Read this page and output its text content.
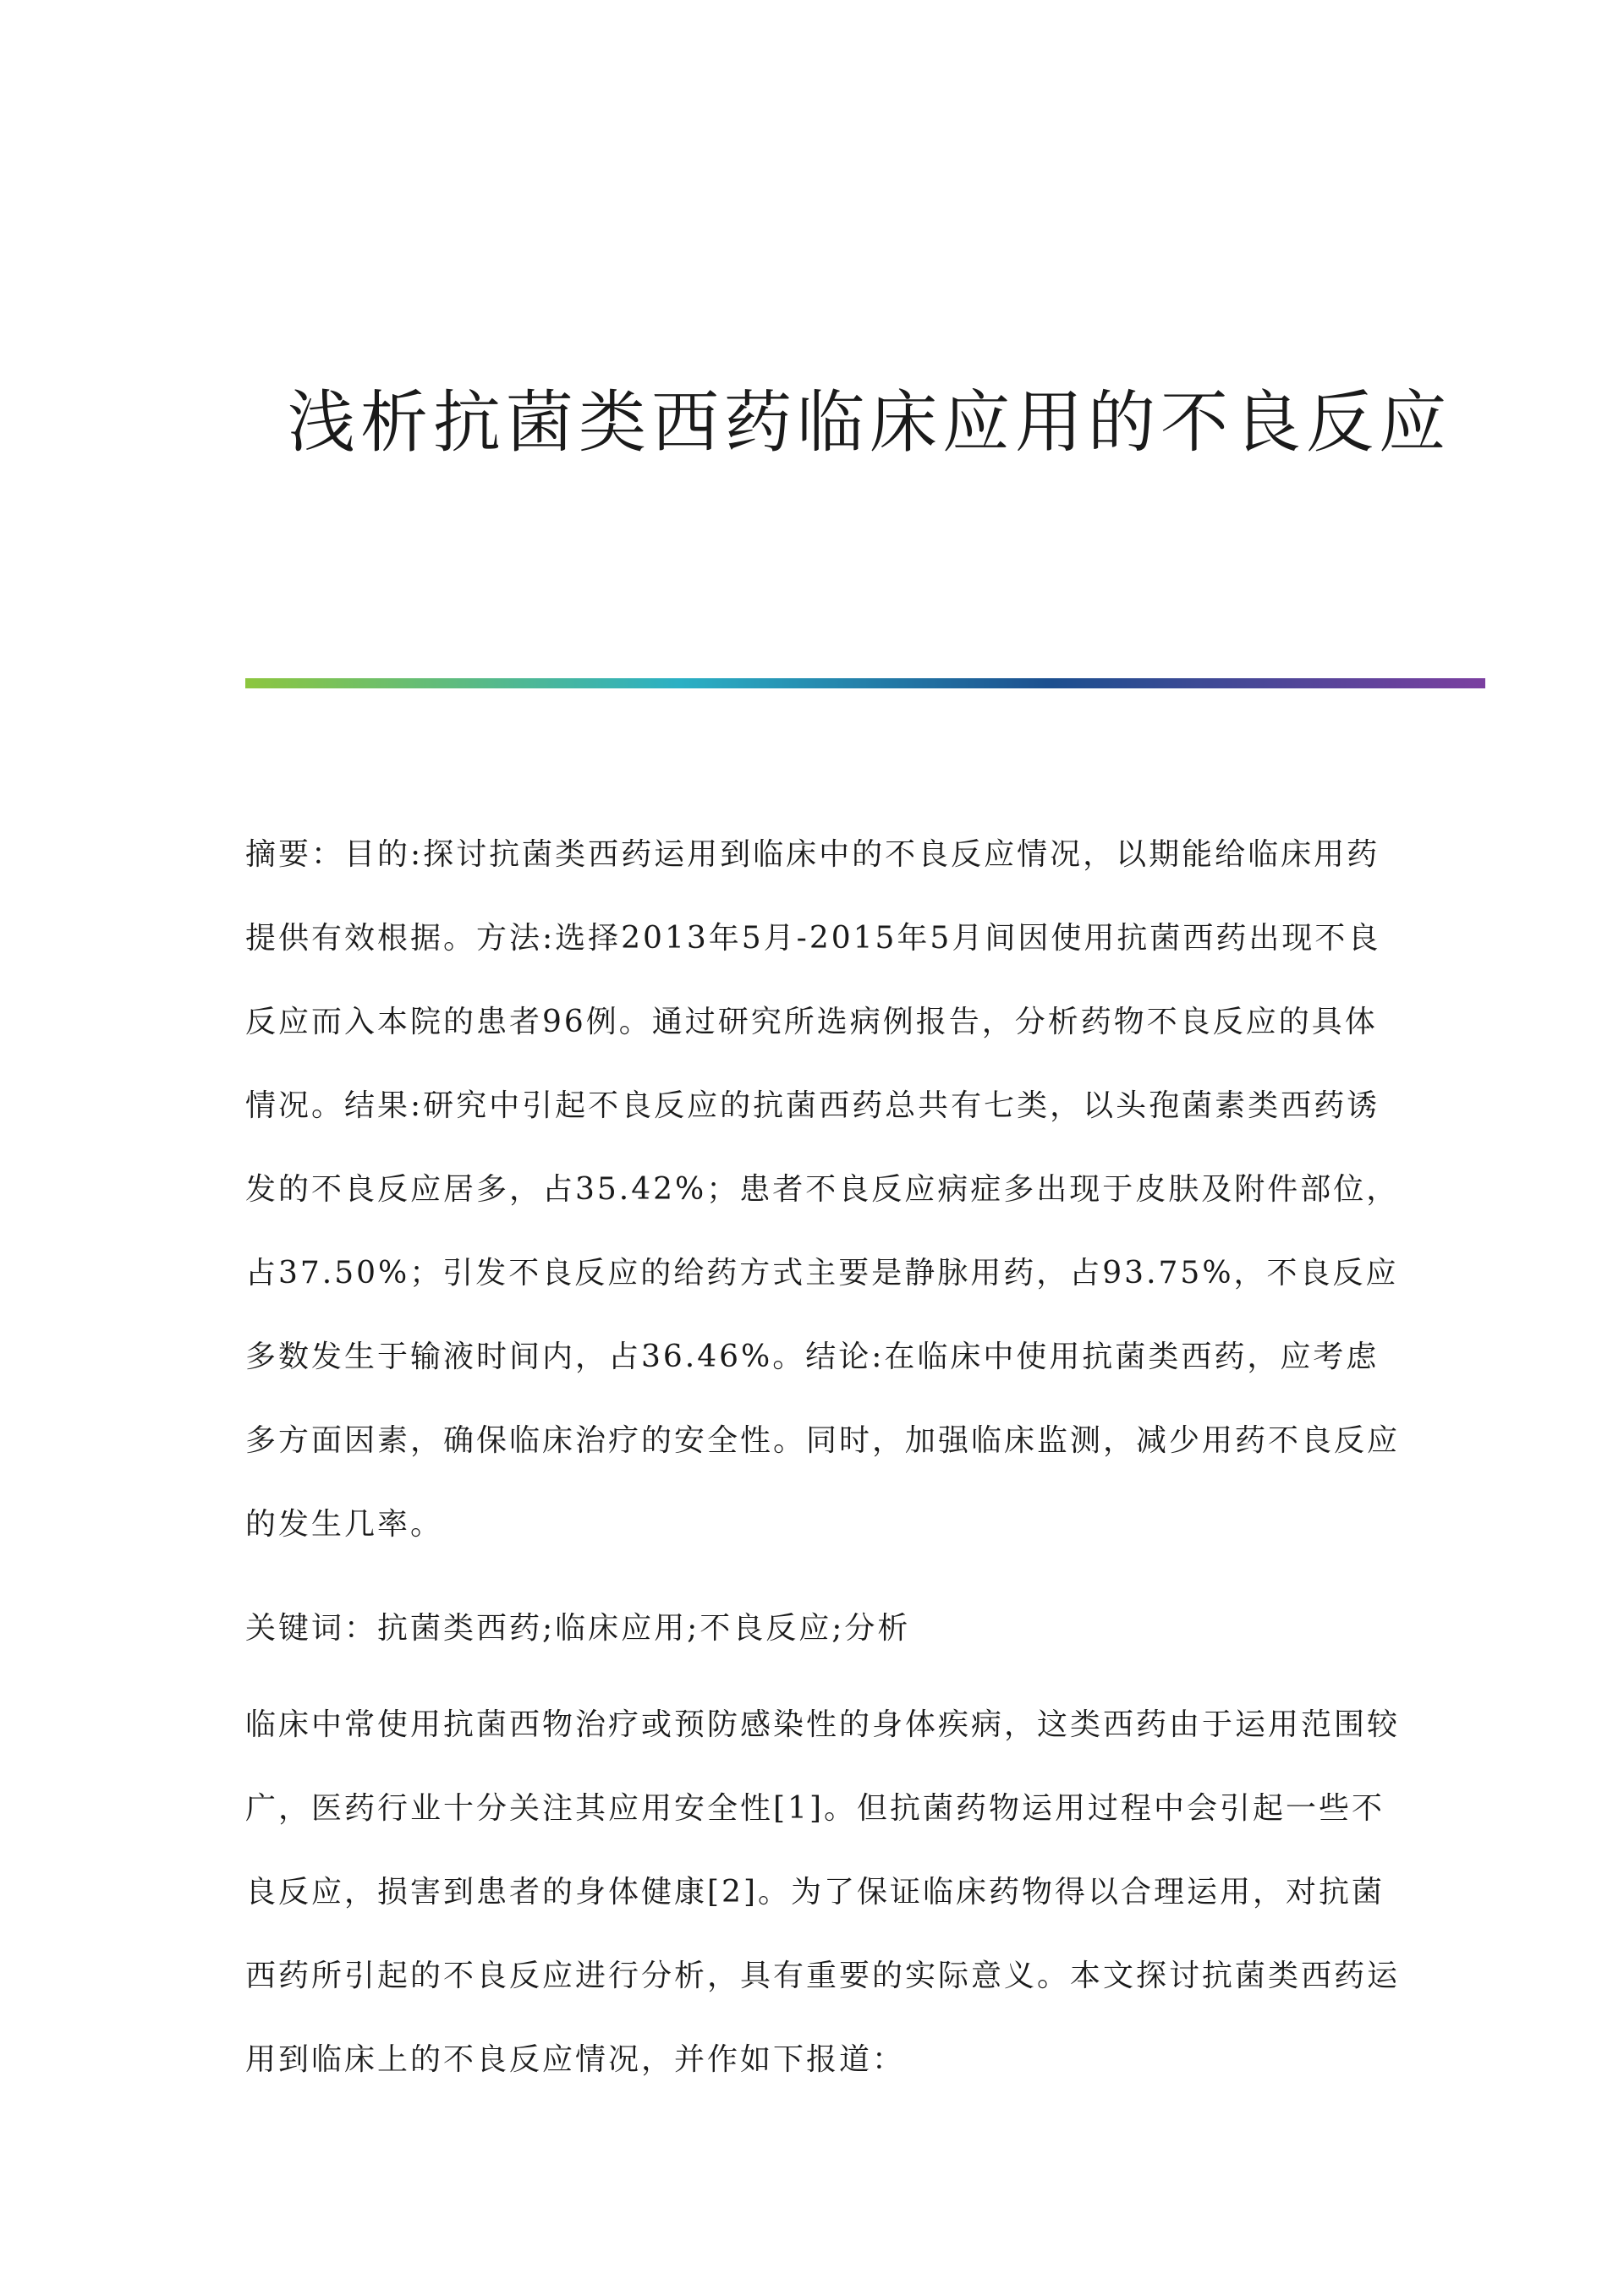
浅析抗菌类西药临床应用的不良反应

摘要：目的:探讨抗菌类西药运用到临床中的不良反应情况，以期能给临床用药提供有效根据。方法:选择2013年5月-2015年5月间因使用抗菌西药出现不良反应而入本院的患者96例。通过研究所选病例报告，分析药物不良反应的具体情况。结果:研究中引起不良反应的抗菌西药总共有七类，以头孢菌素类西药诱发的不良反应居多，占35.42%；患者不良反应病症多出现于皮肤及附件部位，占37.50%；引发不良反应的给药方式主要是静脉用药，占93.75%，不良反应多数发生于输液时间内，占36.46%。结论:在临床中使用抗菌类西药，应考虑多方面因素，确保临床治疗的安全性。同时，加强临床监测，减少用药不良反应的发生几率。

关键词：抗菌类西药;临床应用;不良反应;分析

临床中常使用抗菌西物治疗或预防感染性的身体疾病，这类西药由于运用范围较广，医药行业十分关注其应用安全性[1]。但抗菌药物运用过程中会引起一些不良反应，损害到患者的身体健康[2]。为了保证临床药物得以合理运用，对抗菌西药所引起的不良反应进行分析，具有重要的实际意义。本文探讨抗菌类西药运用到临床上的不良反应情况，并作如下报道：
